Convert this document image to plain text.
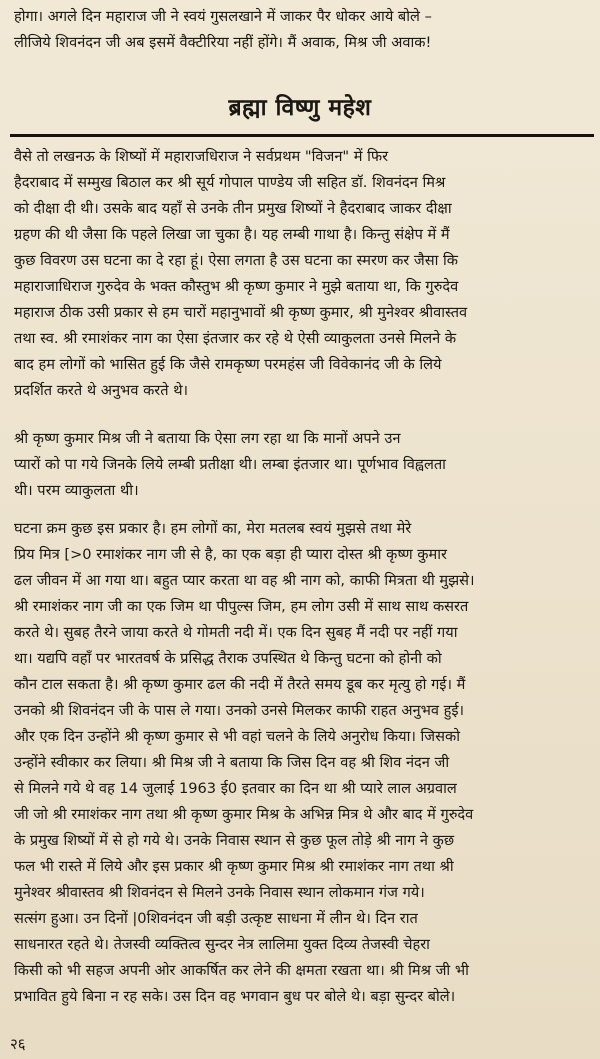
होगा। अगले दिन महाराज जी ने स्वयं गुसलखाने में जाकर पैर धोकर आये बोले –
लीजिये शिवनंदन जी अब इसमें वैक्टीरिया नहीं होंगे। मैं अवाक, मिश्र जी अवाक!
ब्रह्मा विष्णु महेश
वैसे तो लखनऊ के शिष्यों में महाराजधिराज ने सर्वप्रथम "विजन" में फिर
हैदराबाद में सम्मुख बिठाल कर श्री सूर्य गोपाल पाण्डेय जी सहित डॉ. शिवनंदन मिश्र
को दीक्षा दी थी। उसके बाद यहाँ से उनके तीन प्रमुख शिष्यों ने हैदराबाद जाकर दीक्षा
ग्रहण की थी जैसा कि पहले लिखा जा चुका है। यह लम्बी गाथा है। किन्तु संक्षेप में मैं
कुछ विवरण उस घटना का दे रहा हूं। ऐसा लगता है उस घटना का स्मरण कर जैसा कि
महाराजाधिराज गुरुदेव के भक्त कौस्तुभ श्री कृष्ण कुमार ने मुझे बताया था, कि गुरुदेव
महाराज ठीक उसी प्रकार से हम चारों महानुभावों श्री कृष्ण कुमार, श्री मुनेश्वर श्रीवास्तव
तथा स्व. श्री रमाशंकर नाग का ऐसा इंतजार कर रहे थे ऐसी व्याकुलता उनसे मिलने के
बाद हम लोगों को भासित हुई कि जैसे रामकृष्ण परमहंस जी विवेकानंद जी के लिये
प्रदर्शित करते थे अनुभव करते थे।
श्री कृष्ण कुमार मिश्र जी ने बताया कि ऐसा लग रहा था कि मानों अपने उन
प्यारों को पा गये जिनके लिये लम्बी प्रतीक्षा थी। लम्बा इंतजार था। पूर्णभाव विह्वलता
थी। परम व्याकुलता थी।
घटना क्रम कुछ इस प्रकार है। हम लोगों का, मेरा मतलब स्वयं मुझसे तथा मेरे
प्रिय मित्र [>0 रमाशंकर नाग जी से है, का एक बड़ा ही प्यारा दोस्त श्री कृष्ण कुमार
ढल जीवन में आ गया था। बहुत प्यार करता था वह श्री नाग को, काफी मित्रता थी मुझसे।
श्री रमाशंकर नाग जी का एक जिम था पीपुल्स जिम, हम लोग उसी में साथ साथ कसरत
करते थे। सुबह तैरने जाया करते थे गोमती नदी में। एक दिन सुबह मैं नदी पर नहीं गया
था। यद्यपि वहाँ पर भारतवर्ष के प्रसिद्ध तैराक उपस्थित थे किन्तु घटना को होनी को
कौन टाल सकता है। श्री कृष्ण कुमार ढल की नदी में तैरते समय डूब कर मृत्यु हो गई। मैं
उनको श्री शिवनंदन जी के पास ले गया। उनको उनसे मिलकर काफी राहत अनुभव हुई।
और एक दिन उन्होंने श्री कृष्ण कुमार से भी वहां चलने के लिये अनुरोध किया। जिसको
उन्होंने स्वीकार कर लिया। श्री मिश्र जी ने बताया कि जिस दिन वह श्री शिव नंदन जी
से मिलने गये थे वह 14 जुलाई 1963 ई0 इतवार का दिन था श्री प्यारे लाल अग्रवाल
जी जो श्री रमाशंकर नाग तथा श्री कृष्ण कुमार मिश्र के अभिन्न मित्र थे और बाद में गुरुदेव
के प्रमुख शिष्यों में से हो गये थे। उनके निवास स्थान से कुछ फूल तोड़े श्री नाग ने कुछ
फल भी रास्ते में लिये और इस प्रकार श्री कृष्ण कुमार मिश्र श्री रमाशंकर नाग तथा श्री
मुनेश्वर श्रीवास्तव श्री शिवनंदन से मिलने उनके निवास स्थान लोकमान गंज गये।
सत्संग हुआ। उन दिनों |0शिवनंदन जी बड़ी उत्कृष्ट साधना में लीन थे। दिन रात
साधनारत रहते थे। तेजस्वी व्यक्तित्व सुन्दर नेत्र लालिमा युक्त दिव्य तेजस्वी चेहरा
किसी को भी सहज अपनी ओर आकर्षित कर लेने की क्षमता रखता था। श्री मिश्र जी भी
प्रभावित हुये बिना न रह सके। उस दिन वह भगवान बुध पर बोले थे। बड़ा सुन्दर बोले।
२६
